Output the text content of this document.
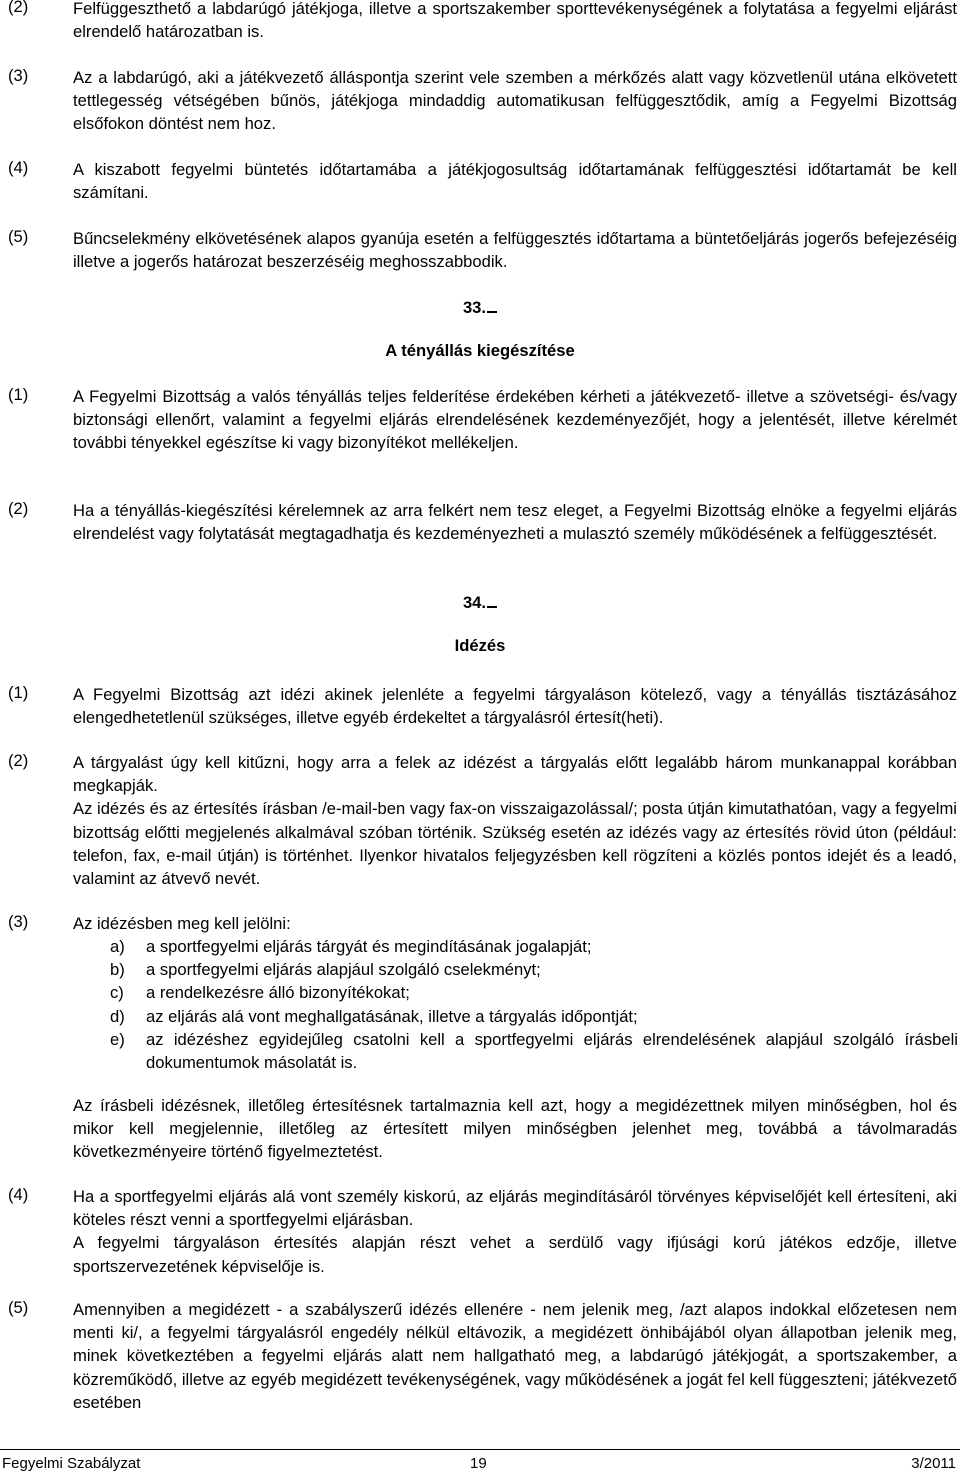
(2)	Felfüggeszthető a labdarúgó játékjoga, illetve a sportszakember sporttevékenységének a folytatása a fegyelmi eljárást elrendelő határozatban is.
(3)	Az a labdarúgó, aki a játékvezető álláspontja szerint vele szemben a mérkőzés alatt vagy közvetlenül utána elkövetett tettlegesség vétségében bűnös, játékjoga mindaddig automatikusan felfüggesztődik, amíg a Fegyelmi Bizottság elsőfokon döntést nem hoz.
(4)	A kiszabott fegyelmi büntetés időtartamába a játékjogosultság időtartamának felfüggesztési időtartamát be kell számítani.
(5)	Bűncselekmény elkövetésének alapos gyanúja esetén a felfüggesztés időtartama a büntetőeljárás jogerős befejezéséig illetve a jogerős határozat beszerzéséig meghosszabbodik.
33.
A tényállás kiegészítése
(1)	A Fegyelmi Bizottság a valós tényállás teljes felderítése érdekében kérheti a játékvezető- illetve a szövetségi- és/vagy biztonsági ellenőrt, valamint a fegyelmi eljárás elrendelésének kezdeményezőjét, hogy a jelentését, illetve kérelmét további tényekkel egészítse ki vagy bizonyítékot mellékeljen.
(2)	Ha a tényállás-kiegészítési kérelemnek az arra felkért nem tesz eleget, a Fegyelmi Bizottság elnöke a fegyelmi eljárás elrendelést vagy folytatását megtagadhatja és kezdeményezheti a mulasztó személy működésének a felfüggesztését.
34.
Idézés
(1)	A Fegyelmi Bizottság azt idézi akinek jelenléte a fegyelmi tárgyaláson kötelező, vagy a tényállás tisztázásához elengedhetetlenül szükséges, illetve egyéb érdekeltet a tárgyalásról értesít(heti).
(2)	A tárgyalást úgy kell kitűzni, hogy arra a felek az idézést a tárgyalás előtt legalább három munkanappal korábban megkapják.
Az idézés és az értesítés írásban /e-mail-ben vagy fax-on visszaigazolással/; posta útján kimutathatóan, vagy a fegyelmi bizottság előtti megjelenés alkalmával szóban történik. Szükség esetén az idézés vagy az értesítés rövid úton (például: telefon, fax, e-mail útján) is történhet. Ilyenkor hivatalos feljegyzésben kell rögzíteni a közlés pontos idejét és a leadó, valamint az átvevő nevét.
(3)	Az idézésben meg kell jelölni:
a) a sportfegyelmi eljárás tárgyát és megindításának jogalapját;
b) a sportfegyelmi eljárás alapjául szolgáló cselekményt;
c) a rendelkezésre álló bizonyítékokat;
d) az eljárás alá vont meghallgatásának, illetve a tárgyalás időpontját;
e) az idézéshez egyidejűleg csatolni kell a sportfegyelmi eljárás elrendelésének alapjául szolgáló írásbeli dokumentumok másolatát is.
Az írásbeli idézésnek, illetőleg értesítésnek tartalmaznia kell azt, hogy a megidézettnek milyen minőségben, hol és mikor kell megjelennie, illetőleg az értesített milyen minőségben jelenhet meg, továbbá a távolmaradás következményeire történő figyelmeztetést.
(4)	Ha a sportfegyelmi eljárás alá vont személy kiskorú, az eljárás megindításáról törvényes képviselőjét kell értesíteni, aki köteles részt venni a sportfegyelmi eljárásban.
A fegyelmi tárgyaláson értesítés alapján részt vehet a serdülő vagy ifjúsági korú játékos edzője, illetve sportszervezetének képviselője is.
(5)	Amennyiben a megidézett - a szabályszerű idézés ellenére - nem jelenik meg, /azt alapos indokkal előzetesen nem menti ki/, a fegyelmi tárgyalásról engedély nélkül eltávozik, a megidézett önhibájából olyan állapotban jelenik meg, minek következtében a fegyelmi eljárás alatt nem hallgatható meg, a labdarúgó játékjogát, a sportszakember, a közreműködő, illetve az egyéb megidézett tevékenységének, vagy működésének a jogát fel kell függeszteni; játékvezető esetében
Fegyelmi Szabályzat	19	3/2011
